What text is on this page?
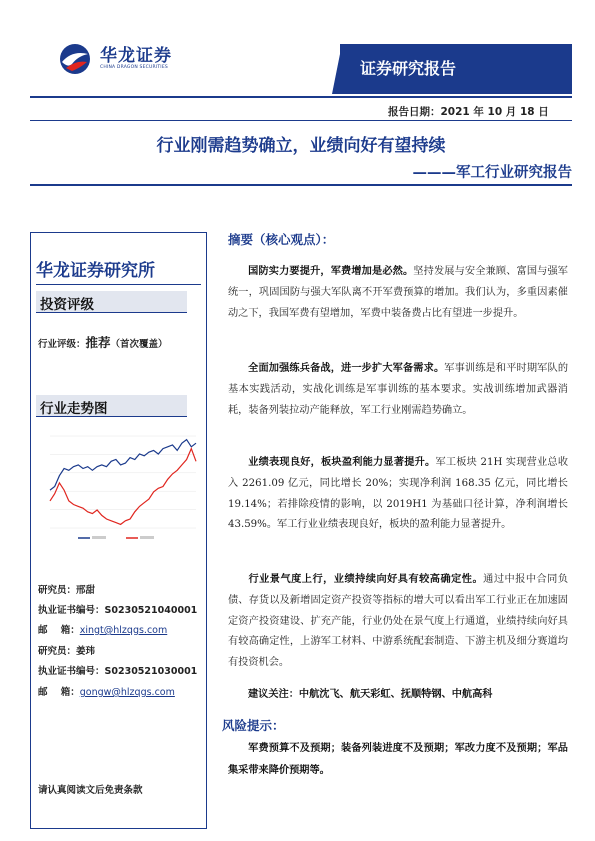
华龙证券
CHINA DRAGON SECURITIES	证券研究报告
报告日期：2021 年 10 月 18 日
行业刚需趋势确立，业绩向好有望持续
———军工行业研究报告
华龙证券研究所
投资评级
行业评级：推荐（首次覆盖）
行业走势图
研究员：邢甜
执业证书编号：S0230521040001
邮    箱：xingt@hlzqgs.com
研究员：姜玮
执业证书编号：S0230521030001
邮    箱：gongw@hlzqgs.com
请认真阅读文后免责条款
摘要（核心观点）：
国防实力要提升，军费增加是必然。坚持发展与安全兼顾、富国与强军统一，巩固国防与强大军队离不开军费预算的增加。我们认为，多重因素催动之下，我国军费有望增加，军费中装备费占比有望进一步提升。
全面加强练兵备战，进一步扩大军备需求。军事训练是和平时期军队的基本实践活动，实战化训练是军事训练的基本要求。实战训练增加武器消耗，装备列装拉动产能释放，军工行业刚需趋势确立。
业绩表现良好，板块盈利能力显著提升。军工板块 21H 实现营业总收入 2261.09 亿元，同比增长 20%；实现净利润 168.35 亿元，同比增长 19.14%；若排除疫情的影响，以 2019H1 为基础口径计算，净利润增长 43.59%。军工行业业绩表现良好，板块的盈利能力显著提升。
行业景气度上行，业绩持续向好具有较高确定性。通过中报中合同负债、存货以及新增固定资产投资等指标的增大可以看出军工行业正在加速固定资产投资建设、扩充产能，行业仍处在景气度上行通道，业绩持续向好具有较高确定性，上游军工材料、中游系统配套制造、下游主机及细分赛道均有投资机会。
建议关注：中航沈飞、航天彩虹、抚顺特钢、中航高科
风险提示：
军费预算不及预期；装备列装进度不及预期；军改力度不及预期；军品集采带来降价预期等。
